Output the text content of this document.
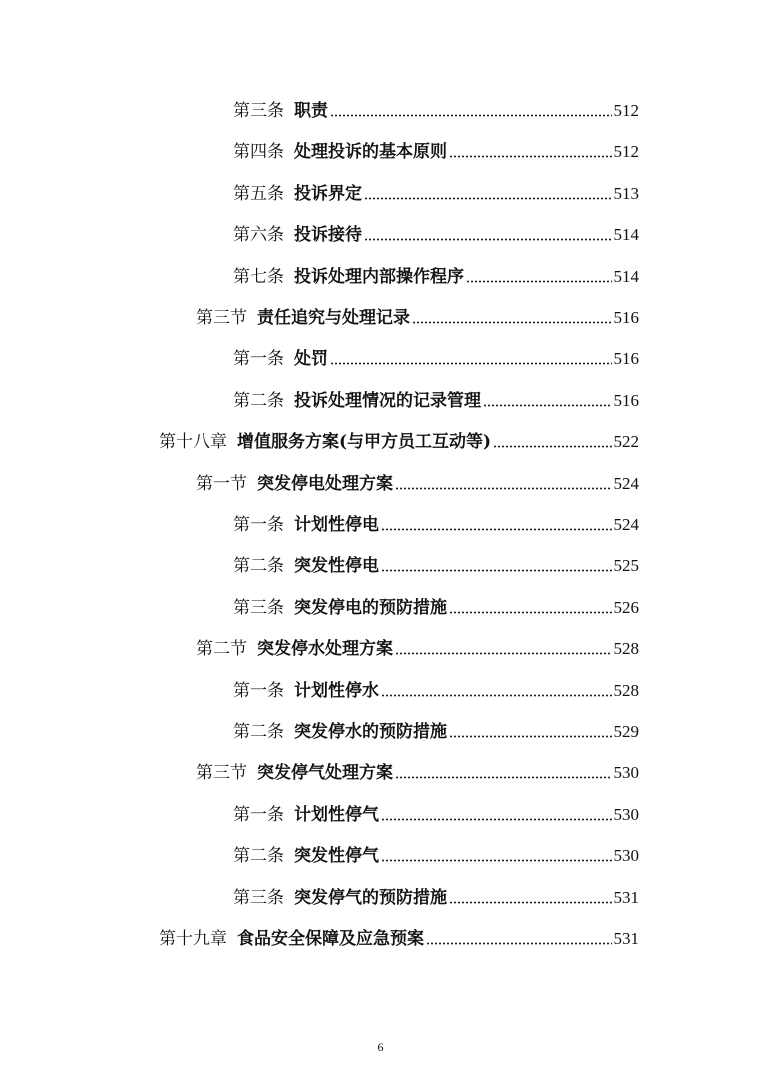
第三条 职责	512
第四条 处理投诉的基本原则	512
第五条 投诉界定	513
第六条 投诉接待	514
第七条 投诉处理内部操作程序	514
第三节 责任追究与处理记录	516
第一条 处罚	516
第二条 投诉处理情况的记录管理	516
第十八章 增值服务方案(与甲方员工互动等)	522
第一节 突发停电处理方案	524
第一条 计划性停电	524
第二条 突发性停电	525
第三条 突发停电的预防措施	526
第二节 突发停水处理方案	528
第一条 计划性停水	528
第二条 突发停水的预防措施	529
第三节 突发停气处理方案	530
第一条 计划性停气	530
第二条 突发性停气	530
第三条 突发停气的预防措施	531
第十九章 食品安全保障及应急预案	531
6
